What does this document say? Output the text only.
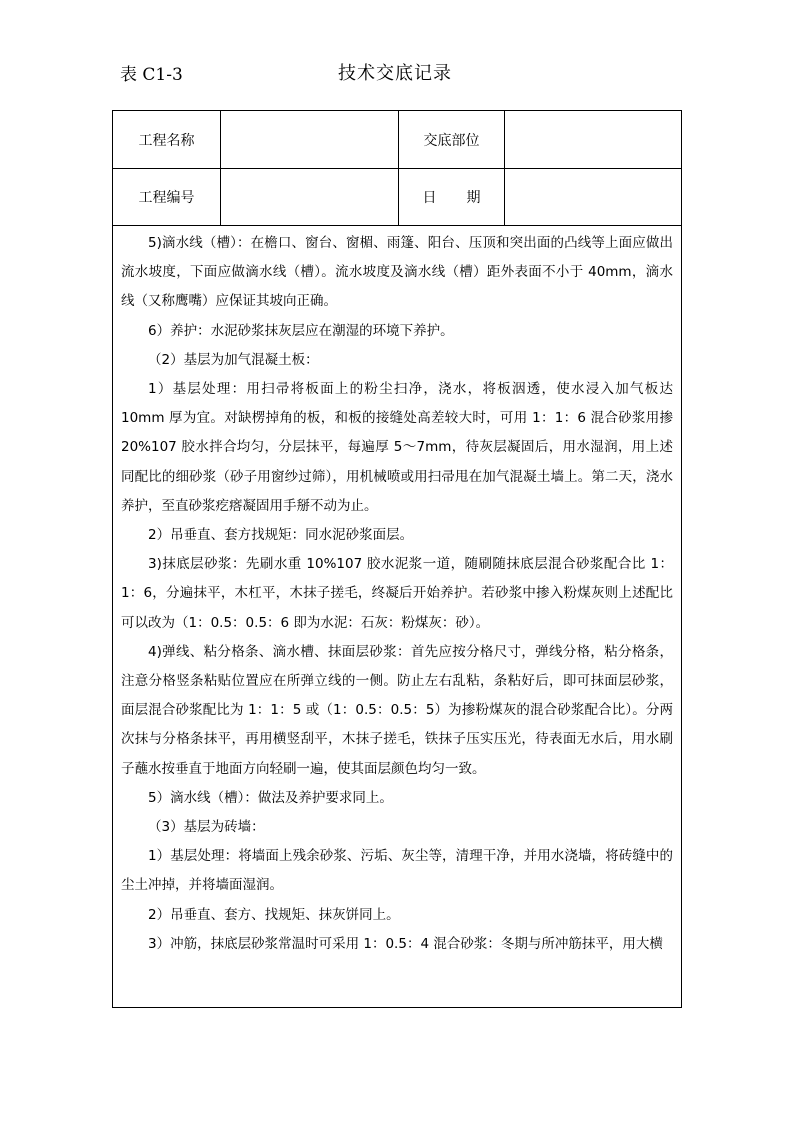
表 C1-3	技术交底记录
工程名称	交底部位
工程编号	日期

5)滴水线（槽）：在檐口、窗台、窗楣、雨篷、阳台、压顶和突出面的凸线等上面应做出流水坡度，下面应做滴水线（槽）。流水坡度及滴水线（槽）距外表面不小于 40mm，滴水线（又称鹰嘴）应保证其坡向正确。

6）养护：水泥砂浆抹灰层应在潮湿的环境下养护。

（2）基层为加气混凝土板：

1）基层处理：用扫帚将板面上的粉尘扫净，浇水，将板洇透，使水浸入加气板达 10mm 厚为宜。对缺楞掉角的板，和板的接缝处高差较大时，可用 1：1：6 混合砂浆用掺 20%107 胶水拌合均匀，分层抹平，每遍厚 5～7mm，待灰层凝固后，用水湿润，用上述同配比的细砂浆（砂子用窗纱过筛），用机械喷或用扫帚甩在加气混凝土墙上。第二天，浇水养护，至直砂浆疙瘩凝固用手掰不动为止。

2）吊垂直、套方找规矩：同水泥砂浆面层。

3)抹底层砂浆：先刷水重 10%107 胶水泥浆一道，随刷随抹底层混合砂浆配合比 1：1：6，分遍抹平，木杠平，木抹子搓毛，终凝后开始养护。若砂浆中掺入粉煤灰则上述配比可以改为（1：0.5：0.5：6 即为水泥：石灰：粉煤灰：砂）。

4)弹线、粘分格条、滴水槽、抹面层砂浆：首先应按分格尺寸，弹线分格，粘分格条，注意分格竖条粘贴位置应在所弹立线的一侧。防止左右乱粘，条粘好后，即可抹面层砂浆，面层混合砂浆配比为 1：1：5 或（1：0.5：0.5：5）为掺粉煤灰的混合砂浆配合比）。分两次抹与分格条抹平，再用横竖刮平，木抹子搓毛，铁抹子压实压光，待表面无水后，用水刷子蘸水按垂直于地面方向轻刷一遍，使其面层颜色均匀一致。

5）滴水线（槽）：做法及养护要求同上。

（3）基层为砖墙：

1）基层处理：将墙面上残余砂浆、污垢、灰尘等，清理干净，并用水浇墙，将砖缝中的尘土冲掉，并将墙面湿润。

2）吊垂直、套方、找规矩、抹灰饼同上。

3）冲筋，抹底层砂浆常温时可采用 1：0.5：4 混合砂浆：冬期与所冲筋抹平，用大横
